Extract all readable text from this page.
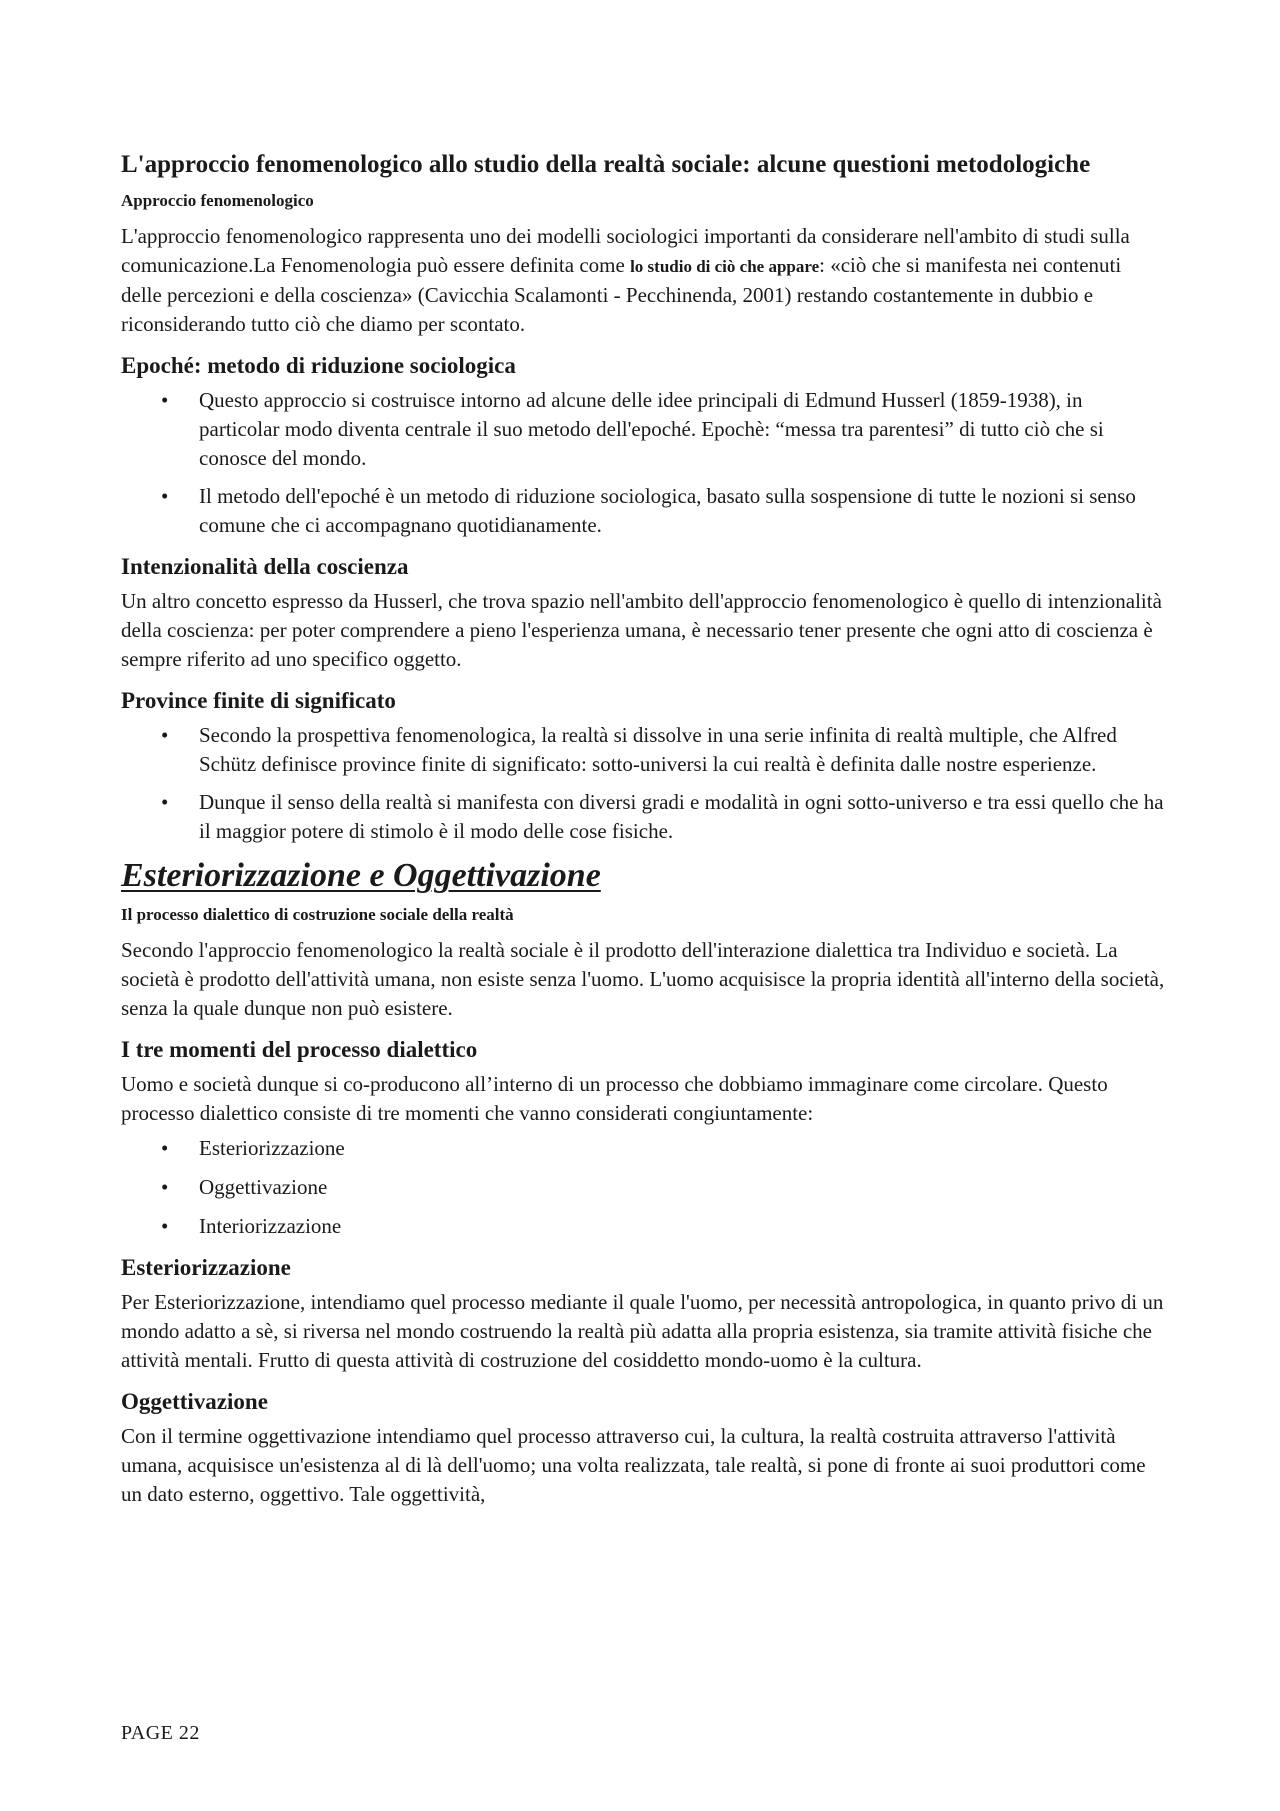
L'approccio fenomenologico allo studio della realtà sociale: alcune questioni metodologiche
Approccio fenomenologico

L'approccio fenomenologico rappresenta uno dei modelli sociologici importanti da considerare nell'ambito di studi sulla comunicazione.La Fenomenologia può essere definita come lo studio di ciò che appare: «ciò che si manifesta nei contenuti delle percezioni e della coscienza» (Cavicchia Scalamonti - Pecchinenda, 2001) restando costantemente in dubbio e riconsiderando tutto ciò che diamo per scontato.

Epoché: metodo di riduzione sociologica
• Questo approccio si costruisce intorno ad alcune delle idee principali di Edmund Husserl (1859-1938), in particolar modo diventa centrale il suo metodo dell'epoché. Epochè: “messa tra parentesi” di tutto ciò che si conosce del mondo.
• Il metodo dell'epoché è un metodo di riduzione sociologica, basato sulla sospensione di tutte le nozioni si senso comune che ci accompagnano quotidianamente.
Intenzionalità della coscienza

Un altro concetto espresso da Husserl, che trova spazio nell'ambito dell'approccio fenomenologico è quello di intenzionalità della coscienza: per poter comprendere a pieno l'esperienza umana, è necessario tener presente che ogni atto di coscienza è sempre riferito ad uno specifico oggetto.

Province finite di significato
• Secondo la prospettiva fenomenologica, la realtà si dissolve in una serie infinita di realtà multiple, che Alfred Schütz definisce province finite di significato: sotto-universi la cui realtà è definita dalle nostre esperienze.
• Dunque il senso della realtà si manifesta con diversi gradi e modalità in ogni sotto-universo e tra essi quello che ha il maggior potere di stimolo è il modo delle cose fisiche.
Esteriorizzazione e Oggettivazione
Il processo dialettico di costruzione sociale della realtà

Secondo l'approccio fenomenologico la realtà sociale è il prodotto dell'interazione dialettica tra Individuo e società. La società è prodotto dell'attività umana, non esiste senza l'uomo. L'uomo acquisisce la propria identità all'interno della società, senza la quale dunque non può esistere.

I tre momenti del processo dialettico

Uomo e società dunque si co-producono all’interno di un processo che dobbiamo immaginare come circolare. Questo processo dialettico consiste di tre momenti che vanno considerati congiuntamente:

• Esteriorizzazione
• Oggettivazione
• Interiorizzazione
Esteriorizzazione

Per Esteriorizzazione, intendiamo quel processo mediante il quale l'uomo, per necessità antropologica, in quanto privo di un mondo adatto a sè, si riversa nel mondo costruendo la realtà più adatta alla propria esistenza, sia tramite attività fisiche che attività mentali. Frutto di questa attività di costruzione del cosiddetto mondo-uomo è la cultura.

Oggettivazione

Con il termine oggettivazione intendiamo quel processo attraverso cui, la cultura, la realtà costruita attraverso l'attività umana, acquisisce un'esistenza al di là dell'uomo; una volta realizzata, tale realtà, si pone di fronte ai suoi produttori come un dato esterno, oggettivo. Tale oggettività,

PAGE 22
